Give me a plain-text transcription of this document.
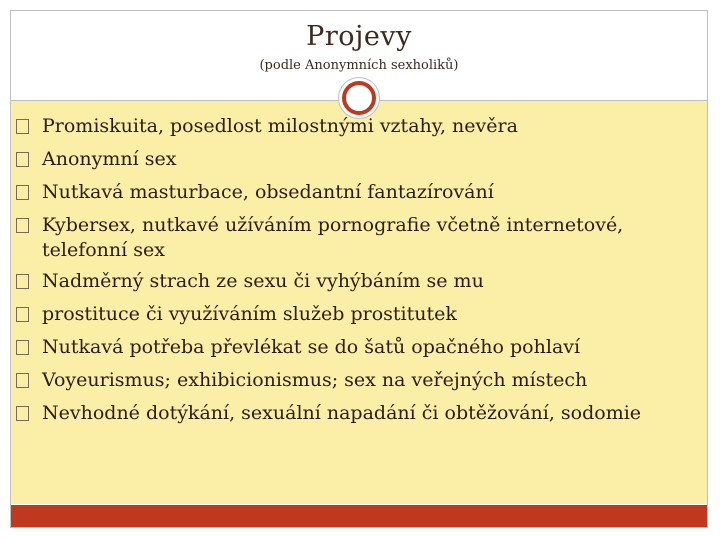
Projevy
(podle Anonymních sexholiků)
Promiskuita, posedlost milostnými vztahy, nevěra
Anonymní sex
Nutkavá masturbace, obsedantní fantazírování
Kybersex, nutkavé užíváním pornografie včetně internetové, telefonní sex
Nadměrný strach ze sexu či vyhýbáním se mu
prostituce či využíváním služeb prostitutek
Nutkavá potřeba převlékat se do šatů opačného pohlaví
Voyeurismus; exhibicionismus; sex na veřejných místech
Nevhodné dotýkání, sexuální napadání či obtěžování, sodomie
